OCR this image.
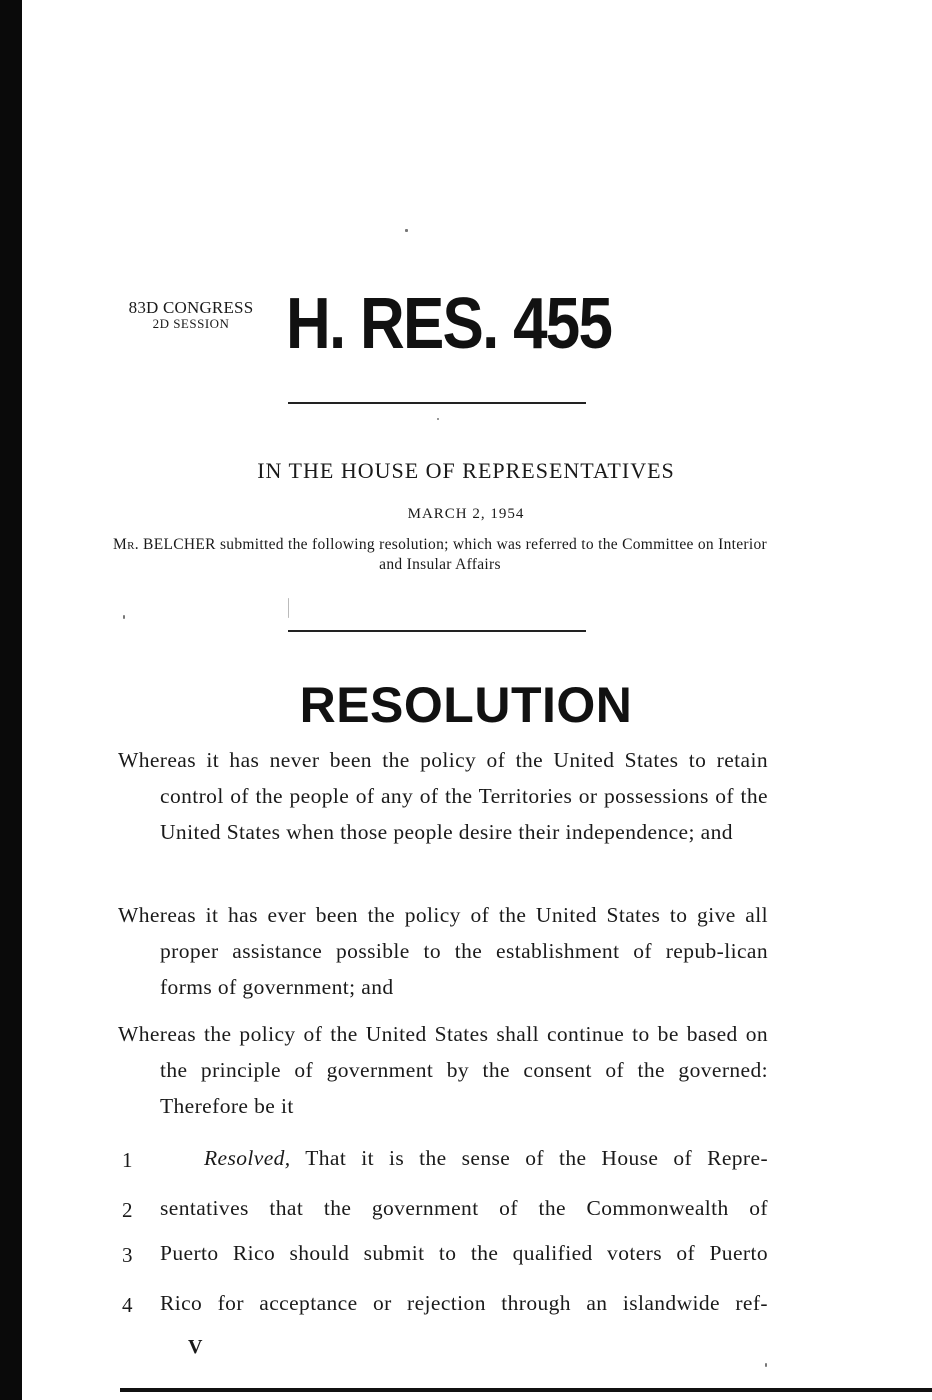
83D CONGRESS
2D SESSION H. RES. 455
IN THE HOUSE OF REPRESENTATIVES
MARCH 2, 1954
Mr. BELCHER submitted the following resolution; which was referred to the Committee on Interior and Insular Affairs
RESOLUTION

Whereas it has never been the policy of the United States to retain control of the people of any of the Territories or possessions of the United States when those people desire their independence; and

Whereas it has ever been the policy of the United States to give all proper assistance possible to the establishment of repub-lican forms of government; and

Whereas the policy of the United States shall continue to be based on the principle of government by the consent of the governed: Therefore be it

1	Resolved, That it is the sense of the House of Repre-
2	sentatives that the government of the Commonwealth of
3	Puerto Rico should submit to the qualified voters of Puerto
4	Rico for acceptance or rejection through an islandwide ref-
V
